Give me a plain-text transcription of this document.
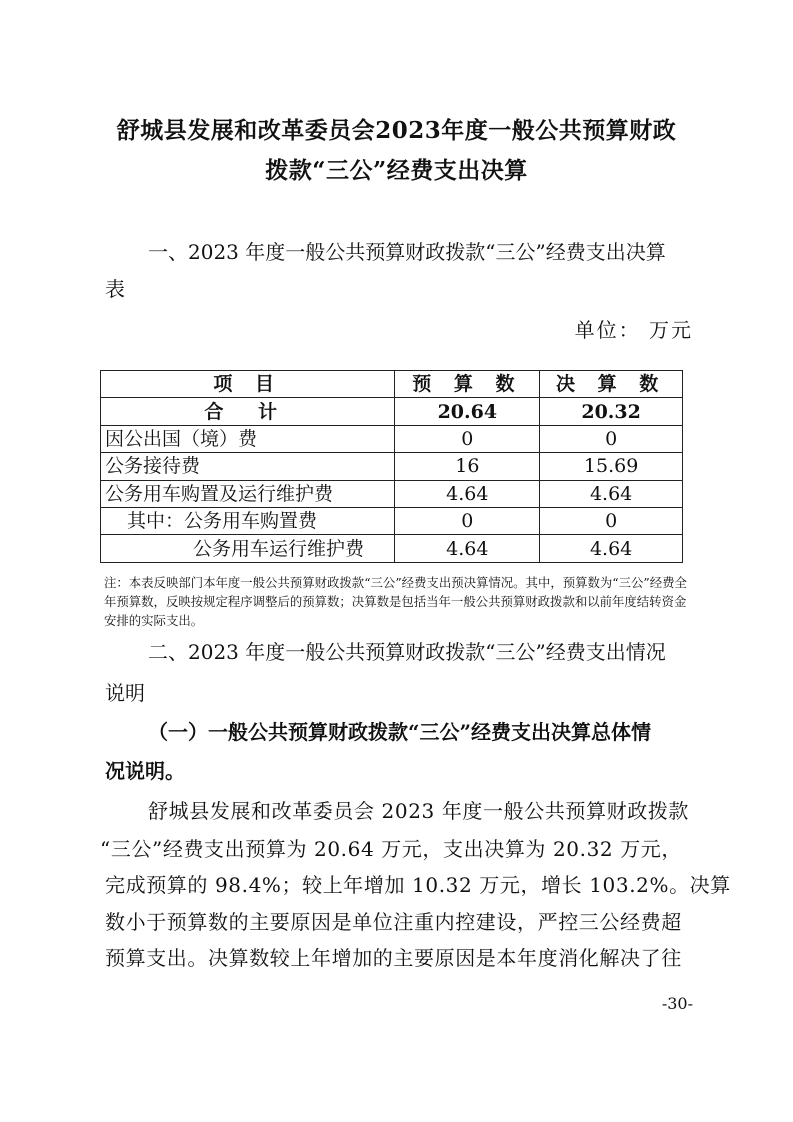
舒城县发展和改革委员会2023年度一般公共预算财政
拨款“三公”经费支出决算
一、2023 年度一般公共预算财政拨款“三公”经费支出决算
表
单位： 万元
项 目	预 算 数	决 算 数
合 计	20.64	20.32
因公出国（境）费	0	0
公务接待费	16	15.69
公务用车购置及运行维护费	4.64	4.64
其中：公务用车购置费	0	0
公务用车运行维护费	4.64	4.64
注：本表反映部门本年度一般公共预算财政拨款“三公”经费支出预决算情况。其中，预算数为“三公”经费全年预算数，反映按规定程序调整后的预算数；决算数是包括当年一般公共预算财政拨款和以前年度结转资金安排的实际支出。
二、2023 年度一般公共预算财政拨款“三公”经费支出情况
说明
（一）一般公共预算财政拨款“三公”经费支出决算总体情
况说明。
舒城县发展和改革委员会 2023 年度一般公共预算财政拨款
“三公”经费支出预算为 20.64 万元，支出决算为 20.32 万元，
完成预算的 98.4%；较上年增加 10.32 万元，增长 103.2%。决算
数小于预算数的主要原因是单位注重内控建设，严控三公经费超
预算支出。决算数较上年增加的主要原因是本年度消化解决了往
-30-
